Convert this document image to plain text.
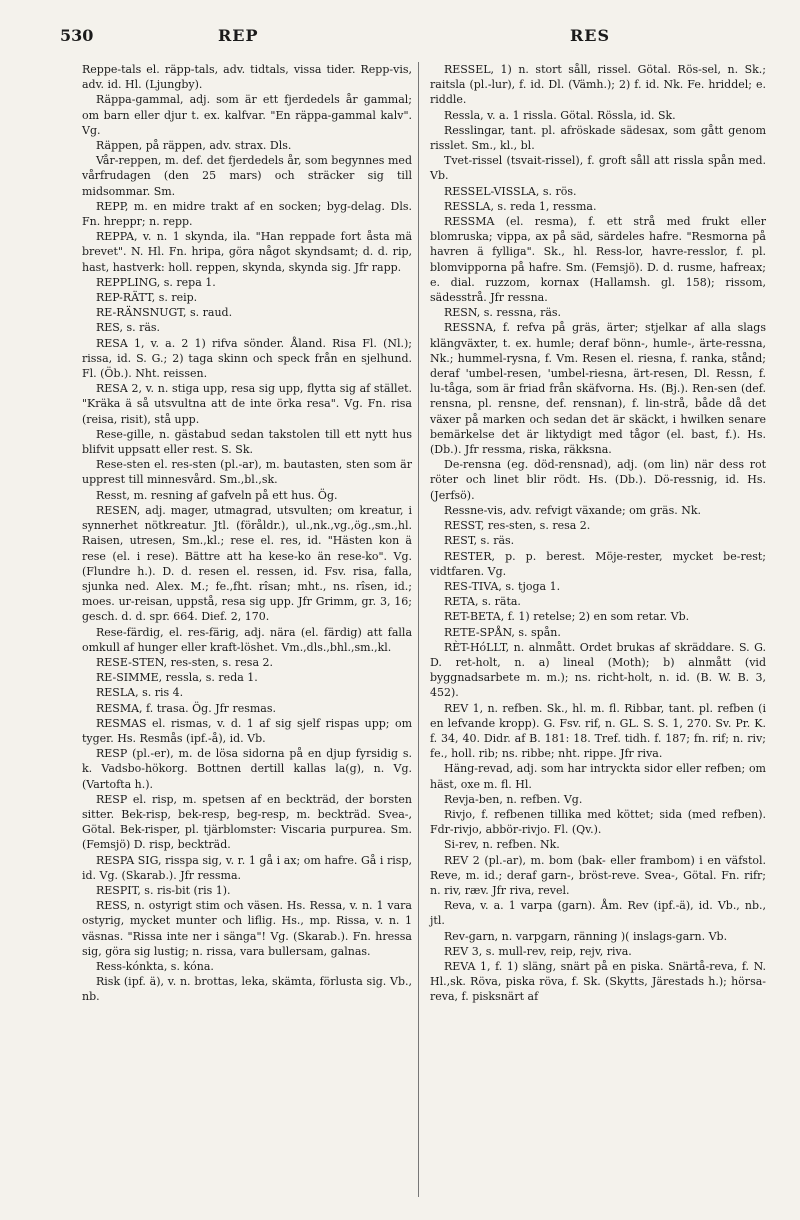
530	REP	RES

Reppe-tals el. räpp-tals, adv. tidtals, vissa tider. Repp-vis, adv. id. Hl. (Ljungby).

Räppa-gammal, adj. som är ett fjerdedels år gammal; om barn eller djur t. ex. kalfvar. "En räppa-gammal kalv". Vg.

Räppen, på räppen, adv. strax. Dls.

Vår-reppen, m. def. det fjerdedels år, som begynnes med vårfrudagen (den 25 mars) och sträcker sig till midsommar. Sm.

REPP, m. en midre trakt af en socken; byg-delag. Dls. Fn. hreppr; n. repp.

REPPA, v. n. 1 skynda, ila. "Han reppade fort åsta mä brevet". N. Hl. Fn. hripa, göra något skyndsamt; d. d. rip, hast, hastverk: holl. reppen, skynda, skynda sig. Jfr rapp.

REPPLING, s. repa 1.

REP-RÄTT, s. reip.

RE-RÄNSNUGT, s. raud.

RES, s. räs.

RESA 1, v. a. 2 1) rifva sönder. Åland. Risa Fl. (Nl.); rissa, id. S. G.; 2) taga skinn och speck från en sjelhund. Fl. (Öb.). Nht. reissen.

RESA 2, v. n. stiga upp, resa sig upp, flytta sig af stället. "Kräka ä så utsvultna att de inte örka resa". Vg. Fn. risa (reisa, risit), stå upp.

Rese-gille, n. gästabud sedan takstolen till ett nytt hus blifvit uppsatt eller rest. S. Sk.

Rese-sten el. res-sten (pl.-ar), m. bautasten, sten som är upprest till minnesvård. Sm.,bl.,sk.

Resst, m. resning af gafveln på ett hus. Ög.

RESEN, adj. mager, utmagrad, utsvulten; om kreatur, i synnerhet nötkreatur. Jtl. (föråldr.), ul.,nk.,vg.,ög.,sm.,hl. Raisen, utresen, Sm.,kl.; rese el. res, id. "Hästen kon ä rese (el. i rese). Bättre att ha kese-ko än rese-ko". Vg. (Flundre h.). D. d. resen el. ressen, id. Fsv. risa, falla, sjunka ned. Alex. M.; fe.,fht. rîsan; mht., ns. rîsen, id.; moes. ur-reisan, uppstå, resa sig upp. Jfr Grimm, gr. 3, 16; gesch. d. d. spr. 664. Dief. 2, 170.

Rese-färdig, el. res-färig, adj. nära (el. färdig) att falla omkull af hunger eller kraft-löshet. Vm.,dls.,bhl.,sm.,kl.

RESE-STEN, res-sten, s. resa 2.

RE-SIMME, ressla, s. reda 1.

RESLA, s. ris 4.

RESMA, f. trasa. Ög. Jfr resmas.

RESMAS el. rismas, v. d. 1 af sig sjelf rispas upp; om tyger. Hs. Resmås (ipf.-å), id. Vb.

RESP (pl.-er), m. de lösa sidorna på en djup fyrsidig s. k. Vadsbo-hökorg. Bottnen dertill kallas la(g), n. Vg. (Vartofta h.).

RESP el. risp, m. spetsen af en beckträd, der borsten sitter. Bek-risp, bek-resp, beg-resp, m. beckträd. Svea-, Götal. Bek-risper, pl. tjärblomster: Viscaria purpurea. Sm. (Femsjö) D. risp, beckträd.

RESPA SIG, risspa sig, v. r. 1 gå i ax; om hafre. Gå i risp, id. Vg. (Skarab.). Jfr ressma.

RESPIT, s. ris-bit (ris 1).

RESS, n. ostyrigt stim och väsen. Hs. Ressa, v. n. 1 vara ostyrig, mycket munter och liflig. Hs., mp. Rissa, v. n. 1 väsnas. "Rissa inte ner i sänga"! Vg. (Skarab.). Fn. hressa sig, göra sig lustig; n. rissa, vara bullersam, galnas.

Ress-kónkta, s. kóna.

Risk (ipf. ä), v. n. brottas, leka, skämta, förlusta sig. Vb., nb.

RESSEL, 1) n. stort såll, rissel. Götal. Rös-sel, n. Sk.; raitsla (pl.-lur), f. id. Dl. (Vämh.); 2) f. id. Nk. Fe. hriddel; e. riddle.

Ressla, v. a. 1 rissla. Götal. Rössla, id. Sk.

Resslingar, tant. pl. afröskade sädesax, som gått genom risslet. Sm., kl., bl.

Tvet-rissel (tsvait-rissel), f. groft såll att rissla spån med. Vb.

RESSEL-VISSLA, s. rös.

RESSLA, s. reda 1, ressma.

RESSMA (el. resma), f. ett strå med frukt eller blomruska; vippa, ax på säd, särdeles hafre. "Resmorna på havren ä fylliga". Sk., hl. Ress-lor, havre-resslor, f. pl. blomvipporna på hafre. Sm. (Femsjö). D. d. rusme, hafreax; e. dial. ruzzom, kornax (Hallamsh. gl. 158); rissom, sädesstrå. Jfr ressna.

RESN, s. ressna, räs.

RESSNA, f. refva på gräs, ärter; stjelkar af alla slags klängväxter, t. ex. humle; deraf bönn-, humle-, ärte-ressna, Nk.; hummel-rysna, f. Vm. Resen el. riesna, f. ranka, stånd; deraf 'umbel-resen, 'umbel-riesna, ärt-resen, Dl. Ressn, f. lu-tåga, som är friad från skäfvorna. Hs. (Bj.). Ren-sen (def. rensna, pl. rensne, def. rensnan), f. lin-strå, både då det växer på marken och sedan det är skäckt, i hwilken senare bemärkelse det är liktydigt med tågor (el. bast, f.). Hs. (Db.). Jfr ressma, riska, räkksna.

De-rensna (eg. död-rensnad), adj. (om lin) när dess rot röter och linet blir rödt. Hs. (Db.). Dö-ressnig, id. Hs. (Jerfsö).

Ressne-vis, adv. refvigt växande; om gräs. Nk.

RESST, res-sten, s. resa 2.

REST, s. räs.

RESTER, p. p. berest. Möje-rester, mycket be-rest; vidtfaren. Vg.

RES-TIVA, s. tjoga 1.

RETA, s. räta.

RET-BETA, f. 1) retelse; 2) en som retar. Vb.

RETE-SPÅN, s. spån.

RÈT-HóLLT, n. alnmått. Ordet brukas af skräddare. S. G. D. ret-holt, n. a) lineal (Moth); b) alnmått (vid byggnadsarbete m. m.); ns. richt-holt, n. id. (B. W. B. 3, 452).

REV 1, n. refben. Sk., hl. m. fl. Ribbar, tant. pl. refben (i en lefvande kropp). G. Fsv. rif, n. GL. S. S. 1, 270. Sv. Pr. K. f. 34, 40. Didr. af B. 181: 18. Tref. tidh. f. 187; fn. rif; n. riv; fe., holl. rib; ns. ribbe; nht. rippe. Jfr riva.

Häng-revad, adj. som har intryckta sidor eller refben; om häst, oxe m. fl. Hl.

Revja-ben, n. refben. Vg.

Rivjo, f. refbenen tillika med köttet; sida (med refben). Fdr-rivjo, abbör-rivjo. Fl. (Qv.).

Si-rev, n. refben. Nk.

REV 2 (pl.-ar), m. bom (bak- eller frambom) i en väfstol. Reve, m. id.; deraf garn-, bröst-reve. Svea-, Götal. Fn. rifr; n. riv, ræv. Jfr riva, revel.

Reva, v. a. 1 varpa (garn). Åm. Rev (ipf.-ä), id. Vb., nb., jtl.

Rev-garn, n. varpgarn, ränning )( inslags-garn. Vb.

REV 3, s. mull-rev, reip, rejv, riva.

REVA 1, f. 1) släng, snärt på en piska. Snärtå-reva, f. N. Hl.,sk. Röva, piska röva, f. Sk. (Skytts, Järestads h.); hörsa-reva, f. pisksnärt af
